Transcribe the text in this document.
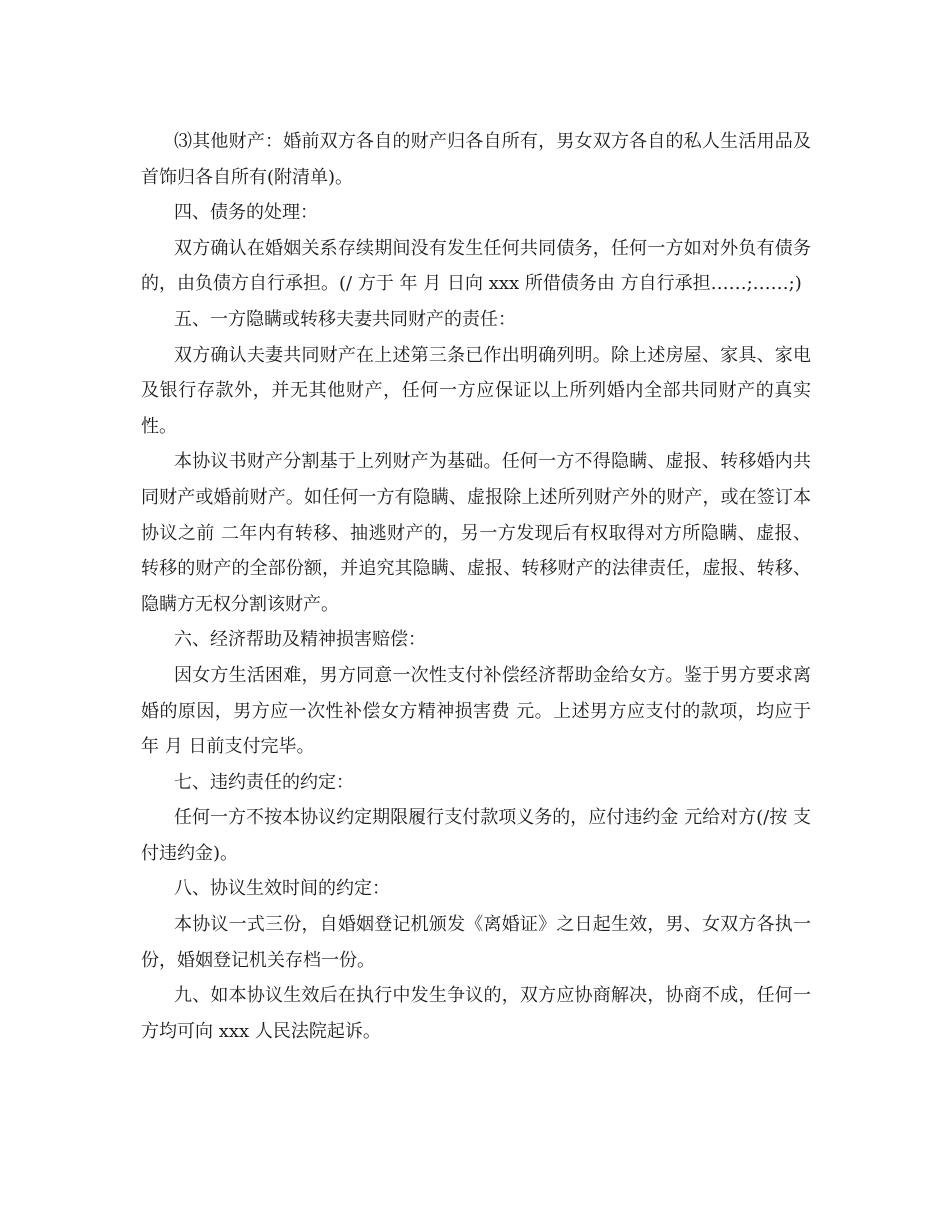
⑶其他财产：婚前双方各自的财产归各自所有，男女双方各自的私人生活用品及首饰归各自所有(附清单)。

四、债务的处理：

双方确认在婚姻关系存续期间没有发生任何共同债务，任何一方如对外负有债务的，由负债方自行承担。(/ 方于 年 月 日向 xxx 所借债务由 方自行承担……;……;)

五、一方隐瞒或转移夫妻共同财产的责任：

双方确认夫妻共同财产在上述第三条已作出明确列明。除上述房屋、家具、家电及银行存款外，并无其他财产，任何一方应保证以上所列婚内全部共同财产的真实性。

本协议书财产分割基于上列财产为基础。任何一方不得隐瞒、虚报、转移婚内共同财产或婚前财产。如任何一方有隐瞒、虚报除上述所列财产外的财产，或在签订本协议之前 二年内有转移、抽逃财产的，另一方发现后有权取得对方所隐瞒、虚报、转移的财产的全部份额，并追究其隐瞒、虚报、转移财产的法律责任，虚报、转移、隐瞒方无权分割该财产。

六、经济帮助及精神损害赔偿：

因女方生活困难，男方同意一次性支付补偿经济帮助金给女方。鉴于男方要求离婚的原因，男方应一次性补偿女方精神损害费 元。上述男方应支付的款项，均应于 年 月 日前支付完毕。

七、违约责任的约定：

任何一方不按本协议约定期限履行支付款项义务的，应付违约金 元给对方(/按 支付违约金)。

八、协议生效时间的约定：

本协议一式三份，自婚姻登记机颁发《离婚证》之日起生效，男、女双方各执一份，婚姻登记机关存档一份。

九、如本协议生效后在执行中发生争议的，双方应协商解决，协商不成，任何一方均可向 xxx 人民法院起诉。
